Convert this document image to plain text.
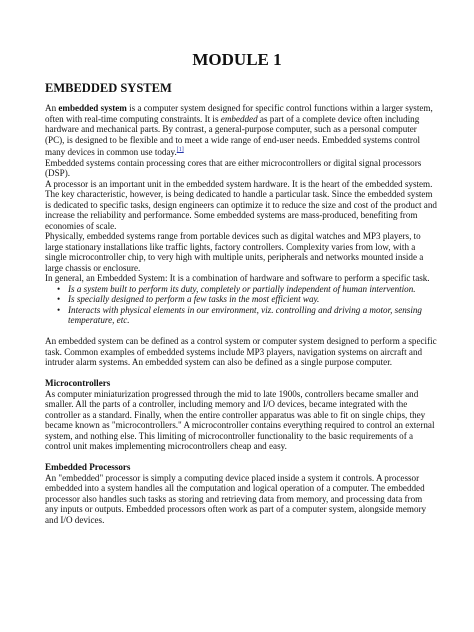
MODULE 1
EMBEDDED SYSTEM

An embedded system is a computer system designed for specific control functions within a larger system, often with real-time computing constraints. It is embedded as part of a complete device often including hardware and mechanical parts. By contrast, a general-purpose computer, such as a personal computer (PC), is designed to be flexible and to meet a wide range of end-user needs. Embedded systems control many devices in common use today.[1]

Embedded systems contain processing cores that are either microcontrollers or digital signal processors (DSP).

A processor is an important unit in the embedded system hardware. It is the heart of the embedded system.

The key characteristic, however, is being dedicated to handle a particular task. Since the embedded system is dedicated to specific tasks, design engineers can optimize it to reduce the size and cost of the product and increase the reliability and performance. Some embedded systems are mass-produced, benefiting from economies of scale.

Physically, embedded systems range from portable devices such as digital watches and MP3 players, to large stationary installations like traffic lights, factory controllers. Complexity varies from low, with a single microcontroller chip, to very high with multiple units, peripherals and networks mounted inside a large chassis or enclosure.

In general, an Embedded System: It is a combination of hardware and software to perform a specific task.

• Is a system built to perform its duty, completely or partially independent of human intervention.
• Is specially designed to perform a few tasks in the most efficient way.
• Interacts with physical elements in our environment, viz. controlling and driving a motor, sensing temperature, etc.

An embedded system can be defined as a control system or computer system designed to perform a specific task. Common examples of embedded systems include MP3 players, navigation systems on aircraft and intruder alarm systems. An embedded system can also be defined as a single purpose computer.

Microcontrollers

As computer miniaturization progressed through the mid to late 1900s, controllers became smaller and smaller. All the parts of a controller, including memory and I/O devices, became integrated with the controller as a standard. Finally, when the entire controller apparatus was able to fit on single chips, they became known as "microcontrollers." A microcontroller contains everything required to control an external system, and nothing else. This limiting of microcontroller functionality to the basic requirements of a control unit makes implementing microcontrollers cheap and easy.

Embedded Processors

An "embedded" processor is simply a computing device placed inside a system it controls. A processor embedded into a system handles all the computation and logical operation of a computer. The embedded processor also handles such tasks as storing and retrieving data from memory, and processing data from any inputs or outputs. Embedded processors often work as part of a computer system, alongside memory and I/O devices.
